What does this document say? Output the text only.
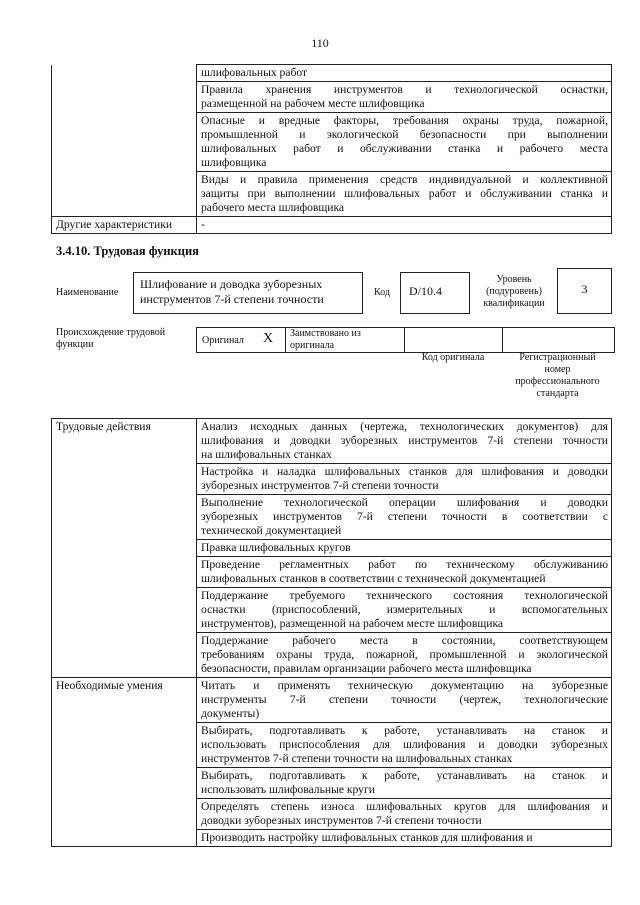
110

	шлифовальных работ

	Правила хранения инструментов и технологической оснастки,
размещенной на рабочем месте шлифовщика

	Опасные и вредные факторы, требования охраны труда, пожарной,
промышленной и экологической безопасности при выполнении
шлифовальных работ и обслуживании станка и рабочего места
шлифовщика

	Виды и правила применения средств индивидуальной и коллективной
защиты при выполнении шлифовальных работ и обслуживании станка и
рабочего места шлифовщика

Другие характеристики	-
3.4.10. Трудовая функция
Наименование
Шлифование и доводка зуборезных
инструментов 7-й степени точности	Код	D/10.4
Уровень
(подуровень)
квалификации
3
Происхождение трудовой
функции	Оригинал X Заимствовано из
оригинала
Код оригинала	Регистрационный
номер
профессионального
стандарта
Трудовые действия	Анализ исходных данных (чертежа, технологических документов) для
шлифования и доводки зуборезных инструментов 7-й степени точности
на шлифовальных станках

	Настройка и наладка шлифовальных станков для шлифования и доводки
зуборезных инструментов 7-й степени точности

	Выполнение технологической операции шлифования и доводки
зуборезных инструментов 7-й степени точности в соответствии с
технической документацией

	Правка шлифовальных кругов

	Проведение регламентных работ по техническому обслуживанию
шлифовальных станков в соответствии с технической документацией

	Поддержание требуемого технического состояния технологической
оснастки (приспособлений, измерительных и вспомогательных
инструментов), размещенной на рабочем месте шлифовщика

	Поддержание рабочего места в состоянии, соответствующем
требованиям охраны труда, пожарной, промышленной и экологической
безопасности, правилам организации рабочего места шлифовщика

Необходимые умения	Читать и применять техническую документацию на зуборезные
инструменты 7-й степени точности (чертеж, технологические
документы)

	Выбирать, подготавливать к работе, устанавливать на станок и
использовать приспособления для шлифования и доводки зуборезных
инструментов 7-й степени точности на шлифовальных станках

	Выбирать, подготавливать к работе, устанавливать на станок и
использовать шлифовальные круги

	Определять степень износа шлифовальных кругов для шлифования и
доводки зуборезных инструментов 7-й степени точности

	Производить настройку шлифовальных станков для шлифования и
